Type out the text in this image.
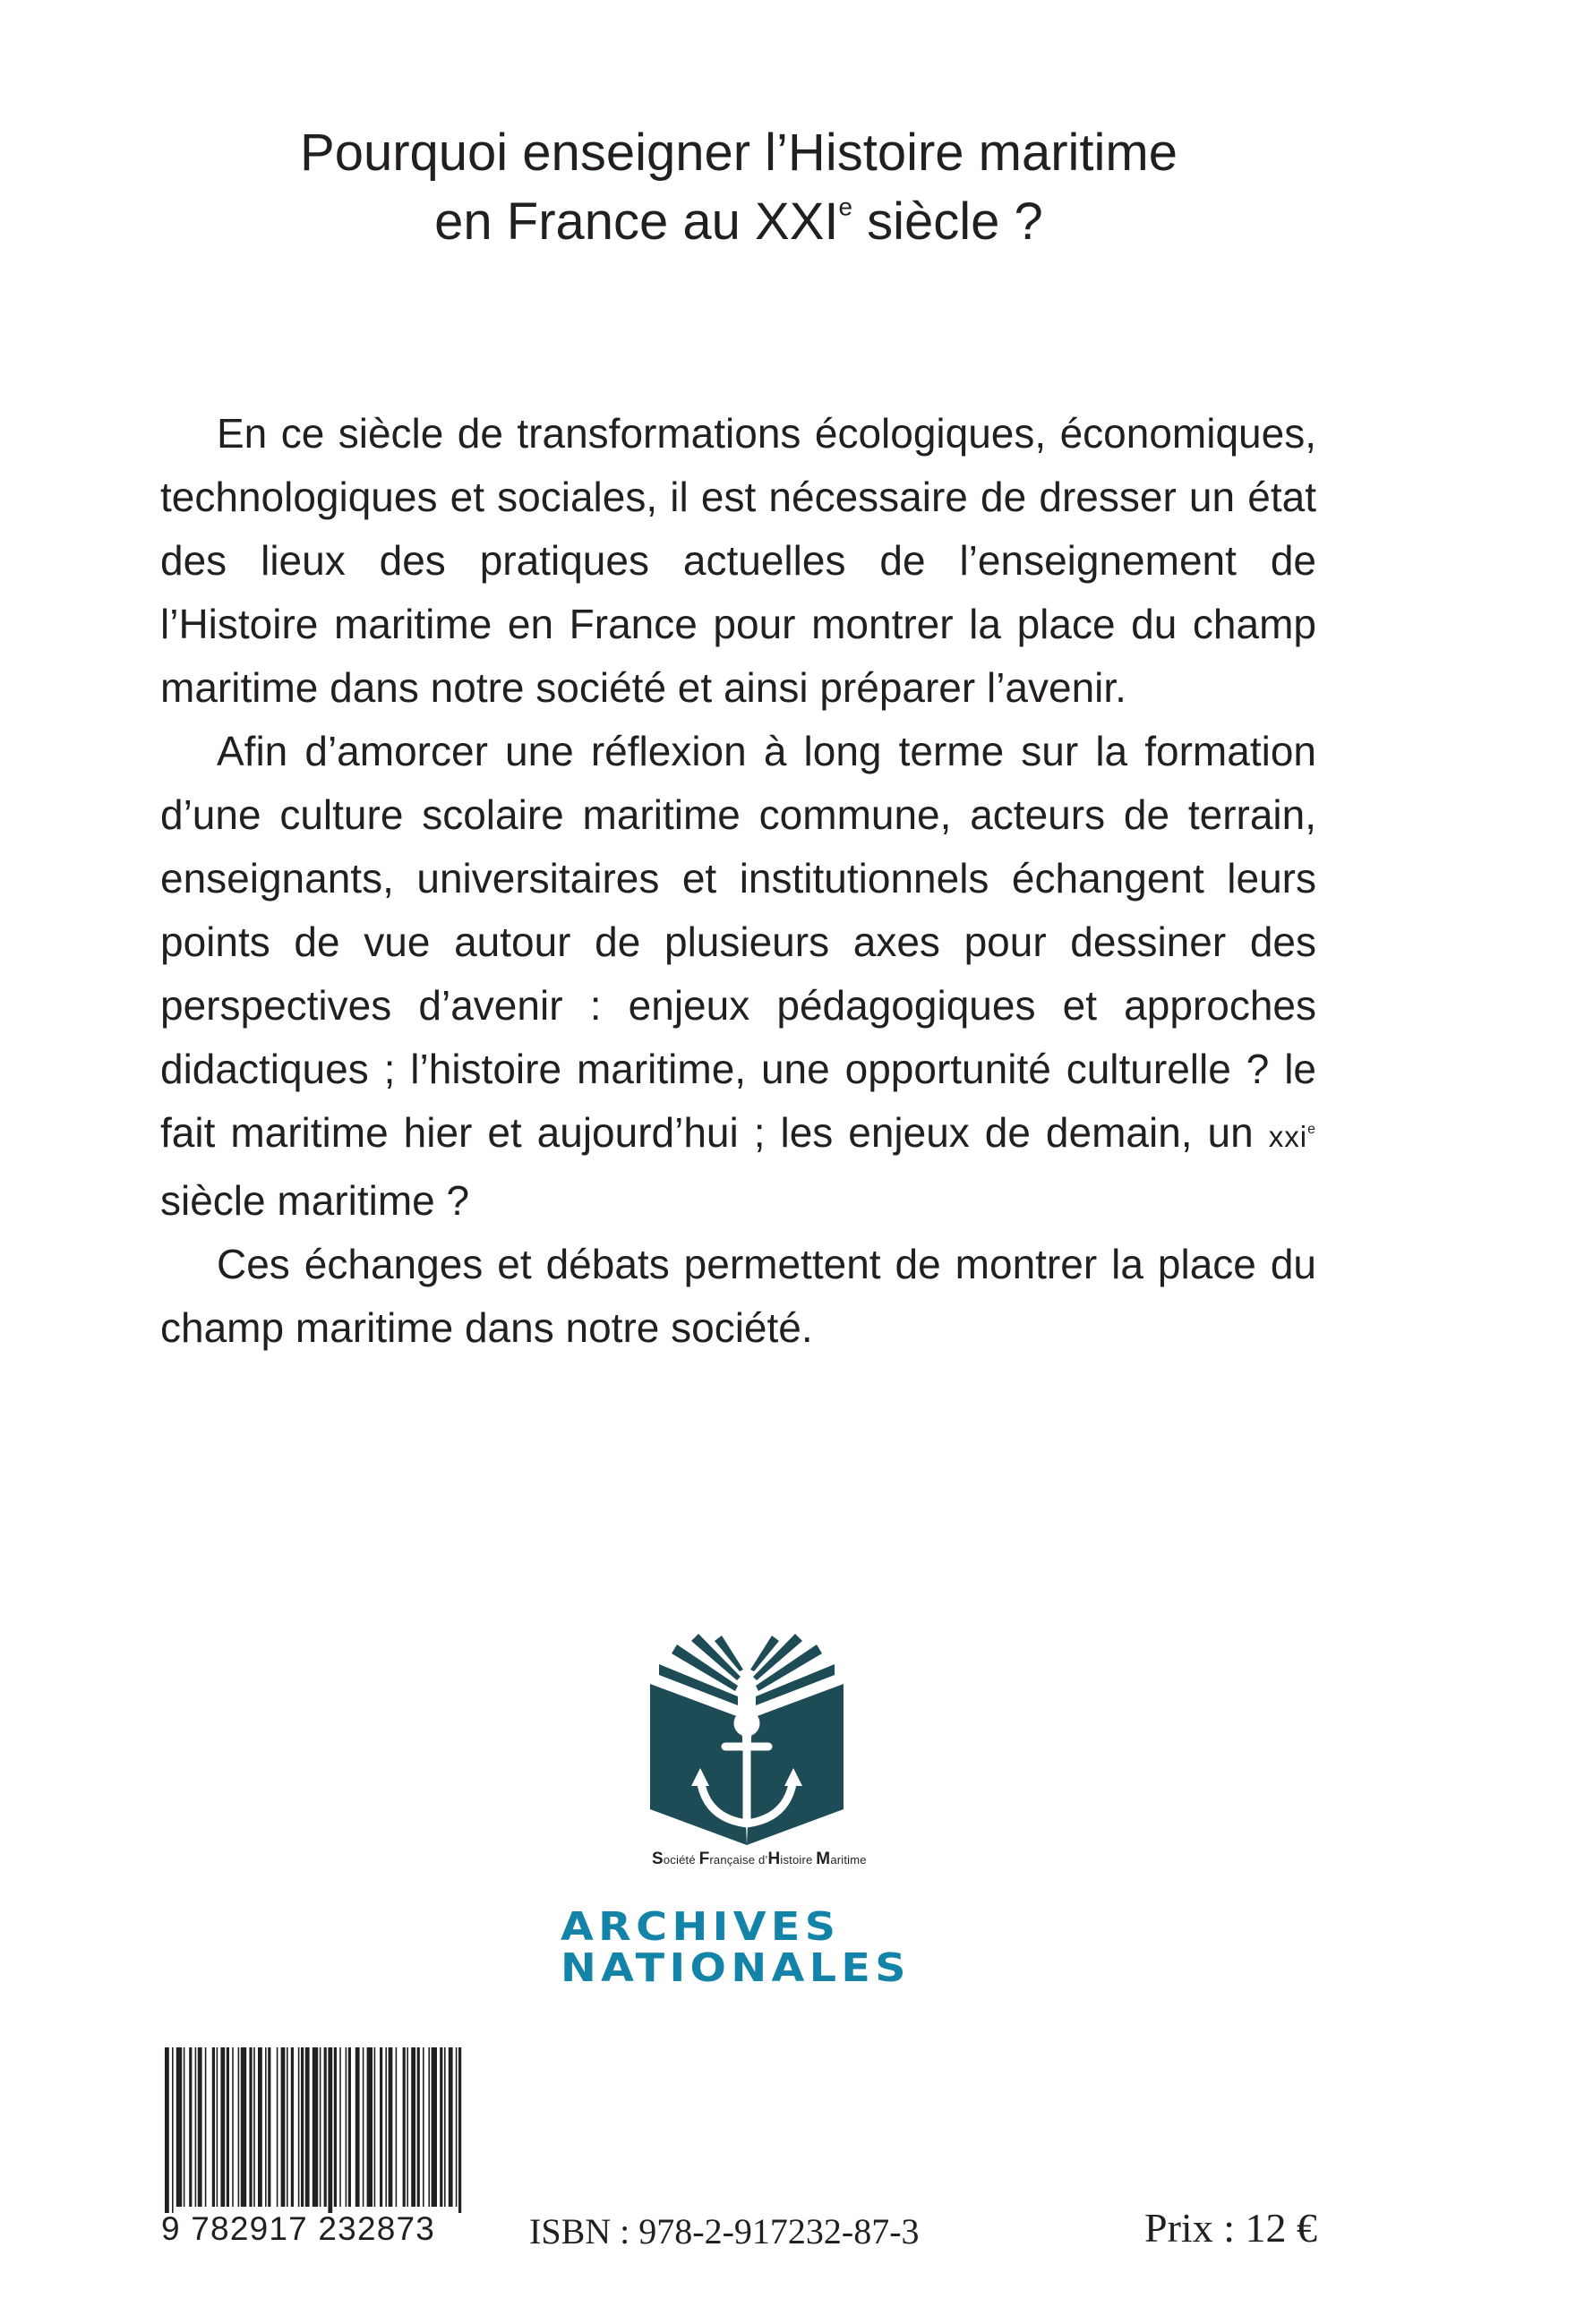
Pourquoi enseigner l’Histoire maritime
en France au XXIe siècle ?

En ce siècle de transformations écologiques, économiques, technologiques et sociales, il est nécessaire de dresser un état des lieux des pratiques actuelles de l’enseignement de l’Histoire maritime en France pour montrer la place du champ maritime dans notre société et ainsi préparer l’avenir.

Afin d’amorcer une réflexion à long terme sur la formation d’une culture scolaire maritime commune, acteurs de terrain, enseignants, universitaires et institutionnels échangent leurs points de vue autour de plusieurs axes pour dessiner des perspectives d’avenir : enjeux pédagogiques et approches didactiques ; l’histoire maritime, une opportunité culturelle ? le fait maritime hier et aujourd’hui ; les enjeux de demain, un xxi$^e$ siècle maritime ?

Ces échanges et débats permettent de montrer la place du champ maritime dans notre société.

Société Française d’Histoire Maritime
ARCHIVES
NATIONALES
9 782917 232873	ISBN : 978-2-917232-87-3	Prix : 12 €
